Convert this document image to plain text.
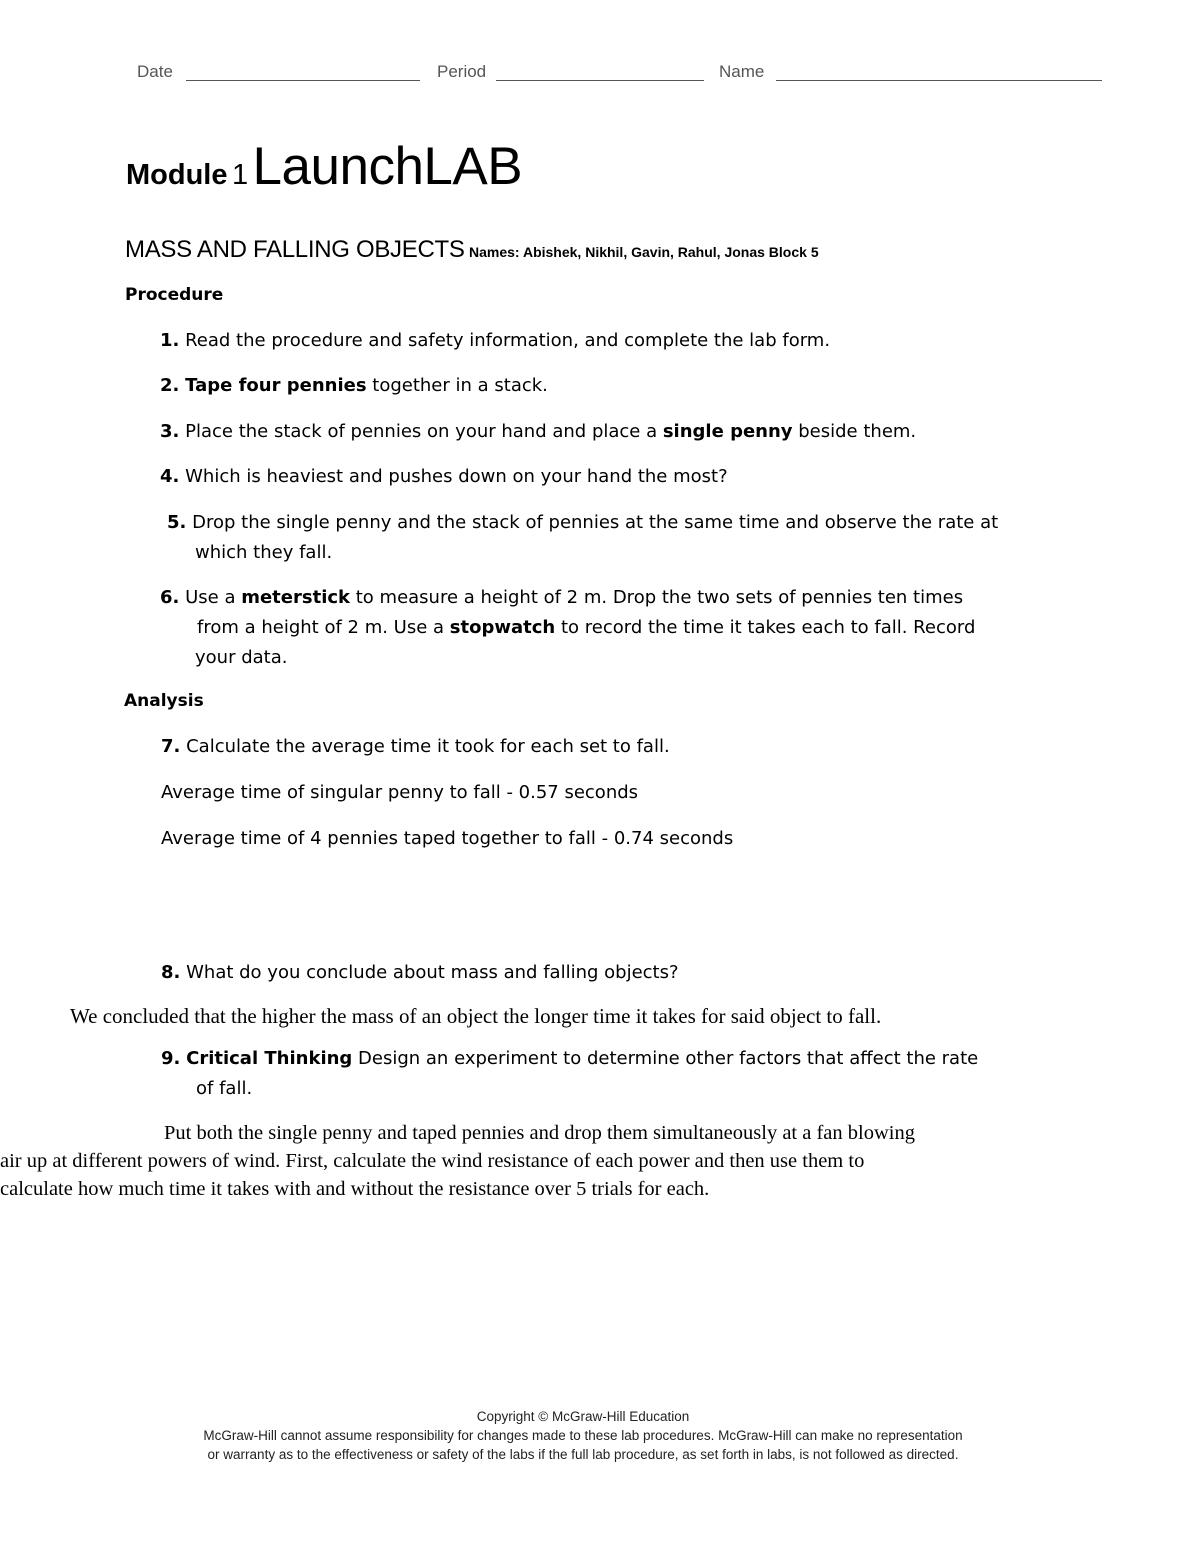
Date	Period	Name
Module 1 LaunchLAB
MASS AND FALLING OBJECTS Names: Abishek, Nikhil, Gavin, Rahul, Jonas Block 5
Procedure
1. Read the procedure and safety information, and complete the lab form.
2. Tape four pennies together in a stack.
3. Place the stack of pennies on your hand and place a single penny beside them.
4. Which is heaviest and pushes down on your hand the most?
5. Drop the single penny and the stack of pennies at the same time and observe the rate at
which they fall.
6. Use a meterstick to measure a height of 2 m. Drop the two sets of pennies ten times
from a height of 2 m. Use a stopwatch to record the time it takes each to fall. Record
your data.
Analysis
7. Calculate the average time it took for each set to fall.
Average time of singular penny to fall - 0.57 seconds
Average time of 4 pennies taped together to fall - 0.74 seconds
8. What do you conclude about mass and falling objects?
We concluded that the higher the mass of an object the longer time it takes for said object to fall.
9. Critical Thinking Design an experiment to determine other factors that affect the rate
of fall.
Put both the single penny and taped pennies and drop them simultaneously at a fan blowing
air up at different powers of wind. First, calculate the wind resistance of each power and then use them to
calculate how much time it takes with and without the resistance over 5 trials for each.
Copyright © McGraw-Hill Education
McGraw-Hill cannot assume responsibility for changes made to these lab procedures. McGraw-Hill can make no representation
or warranty as to the effectiveness or safety of the labs if the full lab procedure, as set forth in labs, is not followed as directed.
